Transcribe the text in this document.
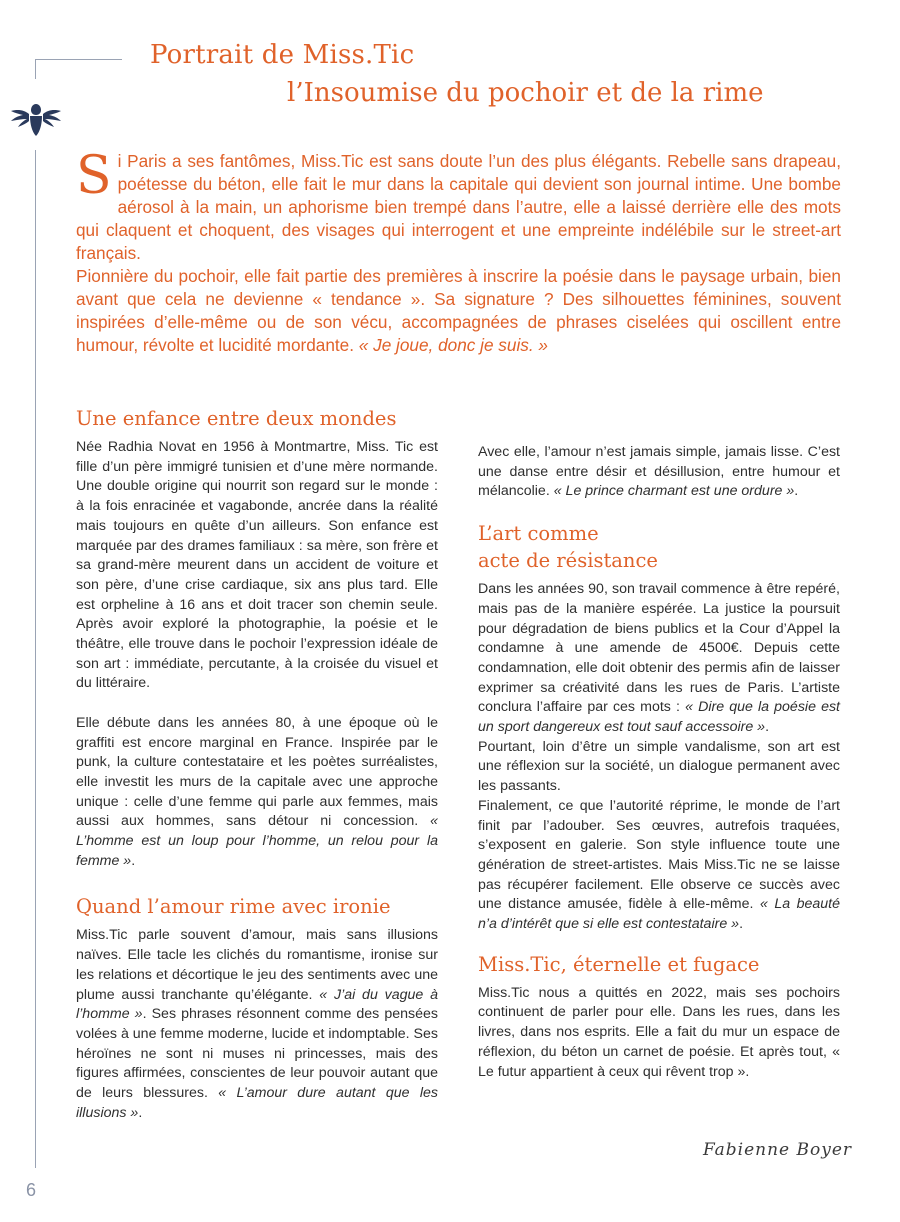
Portrait de Miss.Tic
l’Insoumise du pochoir et de la rime

Si Paris a ses fantômes, Miss.Tic est sans doute l’un des plus élégants. Rebelle sans drapeau, poétesse du béton, elle fait le mur dans la capitale qui devient son journal intime. Une bombe aérosol à la main, un aphorisme bien trempé dans l’autre, elle a laissé derrière elle des mots qui claquent et choquent, des visages qui interrogent et une empreinte indélébile sur le street-art français.

Pionnière du pochoir, elle fait partie des premières à inscrire la poésie dans le paysage urbain, bien avant que cela ne devienne « tendance ». Sa signature ? Des silhouettes féminines, souvent inspirées d’elle-même ou de son vécu, accompagnées de phrases ciselées qui oscillent entre humour, révolte et lucidité mordante. « Je joue, donc je suis. »

Une enfance entre deux mondes

Née Radhia Novat en 1956 à Montmartre, Miss. Tic est fille d’un père immigré tunisien et d’une mère normande. Une double origine qui nourrit son regard sur le monde : à la fois enracinée et vagabonde, ancrée dans la réalité mais toujours en quête d’un ailleurs. Son enfance est marquée par des drames familiaux : sa mère, son frère et sa grand-mère meurent dans un accident de voiture et son père, d’une crise cardiaque, six ans plus tard. Elle est orpheline à 16 ans et doit tracer son chemin seule. Après avoir exploré la photographie, la poésie et le théâtre, elle trouve dans le pochoir l’expression idéale de son art : immédiate, percutante, à la croisée du visuel et du littéraire.

Elle débute dans les années 80, à une époque où le graffiti est encore marginal en France. Inspirée par le punk, la culture contestataire et les poètes surréalistes, elle investit les murs de la capitale avec une approche unique : celle d’une femme qui parle aux femmes, mais aussi aux hommes, sans détour ni concession. « L’homme est un loup pour l’homme, un relou pour la femme ».

Quand l’amour rime avec ironie

Miss.Tic parle souvent d’amour, mais sans illusions naïves. Elle tacle les clichés du romantisme, ironise sur les relations et décortique le jeu des sentiments avec une plume aussi tranchante qu’élégante. « J’ai du vague à l’homme ». Ses phrases résonnent comme des pensées volées à une femme moderne, lucide et indomptable. Ses héroïnes ne sont ni muses ni princesses, mais des figures affirmées, conscientes de leur pouvoir autant que de leurs blessures. « L’amour dure autant que les illusions ».

Avec elle, l’amour n’est jamais simple, jamais lisse. C’est une danse entre désir et désillusion, entre humour et mélancolie. « Le prince charmant est une ordure ».

L’art comme
acte de résistance

Dans les années 90, son travail commence à être repéré, mais pas de la manière espérée. La justice la poursuit pour dégradation de biens publics et la Cour d’Appel la condamne à une amende de 4500€. Depuis cette condamnation, elle doit obtenir des permis afin de laisser exprimer sa créativité dans les rues de Paris. L’artiste conclura l’affaire par ces mots : « Dire que la poésie est un sport dangereux est tout sauf accessoire ».

Pourtant, loin d’être un simple vandalisme, son art est une réflexion sur la société, un dialogue permanent avec les passants.

Finalement, ce que l’autorité réprime, le monde de l’art finit par l’adouber. Ses œuvres, autrefois traquées, s’exposent en galerie. Son style influence toute une génération de street-artistes. Mais Miss.Tic ne se laisse pas récupérer facilement. Elle observe ce succès avec une distance amusée, fidèle à elle-même. « La beauté n’a d’intérêt que si elle est contestataire ».

Miss.Tic, éternelle et fugace

Miss.Tic nous a quittés en 2022, mais ses pochoirs continuent de parler pour elle. Dans les rues, dans les livres, dans nos esprits. Elle a fait du mur un espace de réflexion, du béton un carnet de poésie. Et après tout, « Le futur appartient à ceux qui rêvent trop ».

Fabienne Boyer
6
